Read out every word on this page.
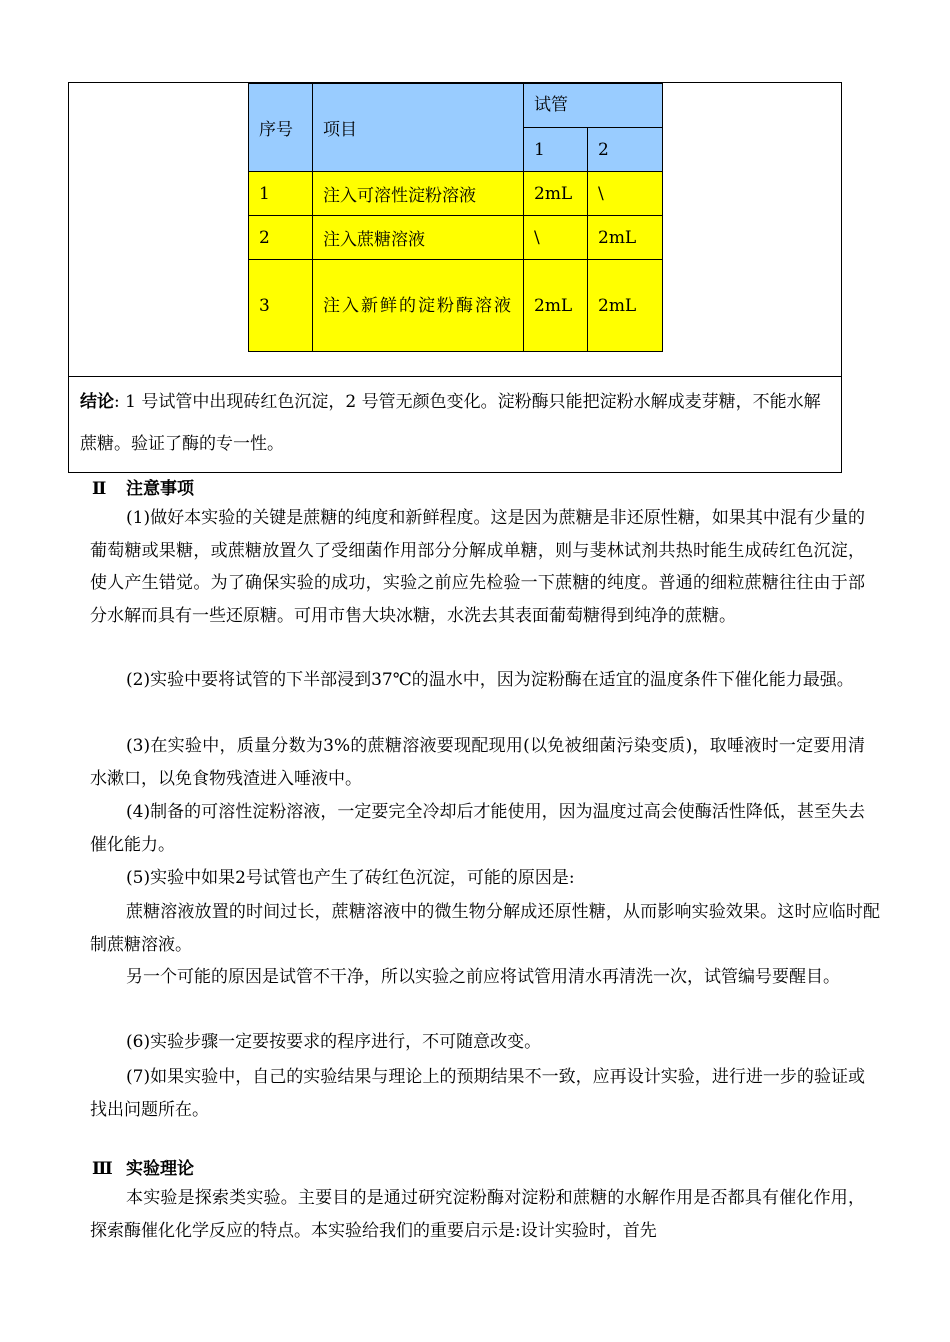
序号	项目	试管	
		1	2
1	注入可溶性淀粉溶液	2mL	\
2	注入蔗糖溶液	\	2mL
3	注入新鲜的淀粉酶溶液	2mL	2mL
结论: 1 号试管中出现砖红色沉淀，2 号管无颜色变化。淀粉酶只能把淀粉水解成麦芽糖，不能水解蔗糖。验证了酶的专一性。
Ⅱ 注意事项
(1)做好本实验的关键是蔗糖的纯度和新鲜程度。这是因为蔗糖是非还原性糖，如果其中混有少量的葡萄糖或果糖，或蔗糖放置久了受细菌作用部分分解成单糖，则与斐林试剂共热时能生成砖红色沉淀，使人产生错觉。为了确保实验的成功，实验之前应先检验一下蔗糖的纯度。普通的细粒蔗糖往往由于部分水解而具有一些还原糖。可用市售大块冰糖，水洗去其表面葡萄糖得到纯净的蔗糖。
(2)实验中要将试管的下半部浸到37℃的温水中，因为淀粉酶在适宜的温度条件下催化能力最强。
(3)在实验中，质量分数为3%的蔗糖溶液要现配现用(以免被细菌污染变质)，取唾液时一定要用清水漱口，以免食物残渣进入唾液中。
(4)制备的可溶性淀粉溶液，一定要完全冷却后才能使用，因为温度过高会使酶活性降低，甚至失去催化能力。
(5)实验中如果2号试管也产生了砖红色沉淀，可能的原因是:
蔗糖溶液放置的时间过长，蔗糖溶液中的微生物分解成还原性糖，从而影响实验效果。这时应临时配制蔗糖溶液。
另一个可能的原因是试管不干净，所以实验之前应将试管用清水再清洗一次，试管编号要醒目。
(6)实验步骤一定要按要求的程序进行，不可随意改变。
(7)如果实验中，自己的实验结果与理论上的预期结果不一致，应再设计实验，进行进一步的验证或找出问题所在。
Ⅲ 实验理论
本实验是探索类实验。主要目的是通过研究淀粉酶对淀粉和蔗糖的水解作用是否都具有催化作用，探索酶催化化学反应的特点。本实验给我们的重要启示是:设计实验时，首先
